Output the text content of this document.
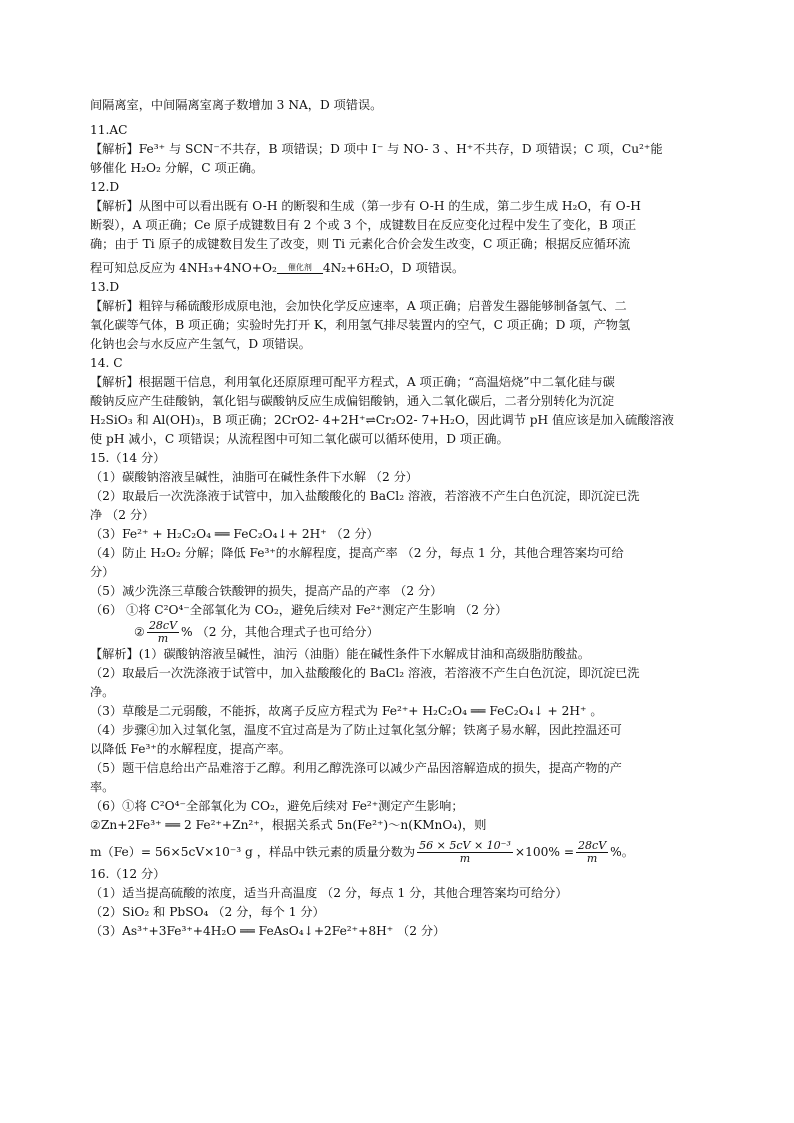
间隔离室，中间隔离室离子数增加 3 NA，D 项错误。

11.AC

【解析】Fe³⁺ 与 SCN⁻不共存，B 项错误；D 项中 I⁻ 与 NO- 3 、H⁺不共存，D 项错误；C 项，Cu²⁺能

够催化 H₂O₂ 分解，C 项正确。

12.D

【解析】从图中可以看出既有 O-H 的断裂和生成（第一步有 O-H 的生成，第二步生成 H₂O，有 O-H

断裂），A 项正确；Ce 原子成键数目有 2 个或 3 个，成键数目在反应变化过程中发生了变化，B 项正

确；由于 Ti 原子的成键数目发生了改变，则 Ti 元素化合价会发生改变，C 项正确；根据反应循环流

程可知总反应为 4NH₃+4NO+O₂ 催化剂 4N₂+6H₂O，D 项错误。

13.D

【解析】粗锌与稀硫酸形成原电池，会加快化学反应速率，A 项正确；启普发生器能够制备氢气、二

氧化碳等气体，B 项正确；实验时先打开 K，利用氢气排尽装置内的空气，C 项正确；D 项，产物氢

化钠也会与水反应产生氢气，D 项错误。

14. C

【解析】根据题干信息，利用氧化还原原理可配平方程式，A 项正确；“高温焙烧”中二氧化硅与碳

酸钠反应产生硅酸钠，氧化铝与碳酸钠反应生成偏铝酸钠，通入二氧化碳后，二者分别转化为沉淀

H₂SiO₃ 和 Al(OH)₃，B 项正确；2CrO2- 4+2H⁺⇌Cr₂O2- 7+H₂O，因此调节 pH 值应该是加入硫酸溶液

使 pH 减小，C 项错误；从流程图中可知二氧化碳可以循环使用，D 项正确。

15.（14 分）

（1）碳酸钠溶液呈碱性，油脂可在碱性条件下水解 （2 分）

（2）取最后一次洗涤液于试管中，加入盐酸酸化的 BaCl₂ 溶液，若溶液不产生白色沉淀，即沉淀已洗

净 （2 分）

（3）Fe²⁺ + H₂C₂O₄ ══ FeC₂O₄↓+ 2H⁺ （2 分）

（4）防止 H₂O₂ 分解；降低 Fe³⁺的水解程度，提高产率 （2 分，每点 1 分，其他合理答案均可给

分）

（5）减少洗涤三草酸合铁酸钾的损失，提高产品的产率 （2 分）

（6） ①将 C²O⁴⁻全部氧化为 CO₂，避免后续对 Fe²⁺测定产生影响 （2 分）

② $\frac{28cV}{m}$ % （2 分，其他合理式子也可给分）

【解析】(1）碳酸钠溶液呈碱性，油污（油脂）能在碱性条件下水解成甘油和高级脂肪酸盐。

（2）取最后一次洗涤液于试管中，加入盐酸酸化的 BaCl₂ 溶液，若溶液不产生白色沉淀，即沉淀已洗

净。

（3）草酸是二元弱酸，不能拆，故离子反应方程式为 Fe²⁺+ H₂C₂O₄ ══ FeC₂O₄↓ + 2H⁺ 。

（4）步骤④加入过氧化氢，温度不宜过高是为了防止过氧化氢分解；铁离子易水解，因此控温还可

以降低 Fe³⁺的水解程度，提高产率。

（5）题干信息给出产品难溶于乙醇。利用乙醇洗涤可以减少产品因溶解造成的损失，提高产物的产

率。

（6）①将 C²O⁴⁻全部氧化为 CO₂，避免后续对 Fe²⁺测定产生影响；

②Zn+2Fe³⁺ ══ 2 Fe²⁺+Zn²⁺，根据关系式 5n(Fe²⁺)～n(KMnO₄)，则

m（Fe）= 56×5cV×10⁻³ g ，样品中铁元素的质量分数为 $\frac{\text{56 × 5cV × 10⁻³}}{m} \times 100\% = \frac{28cV}{m}$ %。

16.（12 分）

（1）适当提高硫酸的浓度，适当升高温度 （2 分，每点 1 分，其他合理答案均可给分）

（2）SiO₂ 和 PbSO₄ （2 分，每个 1 分）

（3）As³⁺+3Fe³⁺+4H₂O ══ FeAsO₄↓+2Fe²⁺+8H⁺ （2 分）
